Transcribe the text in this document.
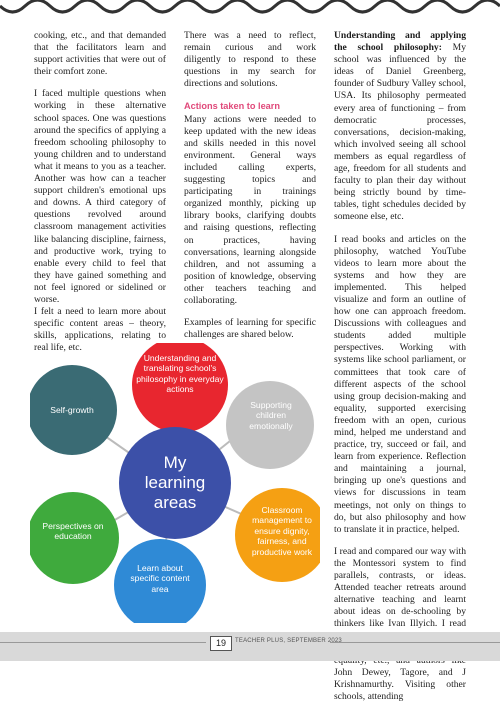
cooking, etc., and that demanded that the facilitators learn and support activities that were out of their comfort zone.

I faced multiple questions when working in these alternative school spaces. One was questions around the specifics of applying a freedom schooling philosophy to young children and to understand what it means to you as a teacher. Another was how can a teacher support children's emotional ups and downs. A third category of questions revolved around classroom management activities like balancing discipline, fairness, and productive work, trying to enable every child to feel that they have gained something and not feel ignored or sidelined or worse.

I felt a need to learn more about specific content areas – theory, skills, applications, relating to real life, etc.

There was a need to reflect, remain curious and work diligently to respond to these questions in my search for directions and solutions.

Actions taken to learn

Many actions were needed to keep updated with the new ideas and skills needed in this novel environment. General ways included calling experts, suggesting topics and participating in trainings organized monthly, picking up library books, clarifying doubts and raising questions, reflecting on practices, having conversations, learning alongside children, and not assuming a position of knowledge, observing other teachers teaching and collaborating.

Examples of learning for specific challenges are shared below.

Understanding and applying the school philosophy: My school was influenced by the ideas of Daniel Greenberg, founder of Sudbury Valley school, USA. Its philosophy permeated every area of functioning – from democratic processes, conversations, decision-making, which involved seeing all school members as equal regardless of age, freedom for all students and faculty to plan their day without being strictly bound by time-tables, tight schedules decided by someone else, etc.

I read books and articles on the philosophy, watched YouTube videos to learn more about the systems and how they are implemented. This helped visualize and form an outline of how one can approach freedom. Discussions with colleagues and students added multiple perspectives. Working with systems like school parliament, or committees that took care of different aspects of the school using group decision-making and equality, supported exercising freedom with an open, curious mind, helped me understand and practice, try, succeed or fail, and learn from experience. Reflection and maintaining a journal, bringing up one's questions and views for discussions in team meetings, not only on things to do, but also philosophy and how to translate it in practice, helped.

I read and compared our way with the Montessori system to find parallels, contrasts, or ideas. Attended teacher retreats around alternative teaching and learnt about ideas on de-schooling by thinkers like Ivan Illyich. I read John Dewey, Tagore, and J Krishnamurthy. Visiting other schools, attending

Understanding and translating school's philosophy in everyday actions
Supporting children emotionally
Classroom management to ensure dignity, fairness, and productive work
Learn about specific content area
Perspectives on education
Self-growth
My learning areas
19	TEACHER PLUS, SEPTEMBER 2023
